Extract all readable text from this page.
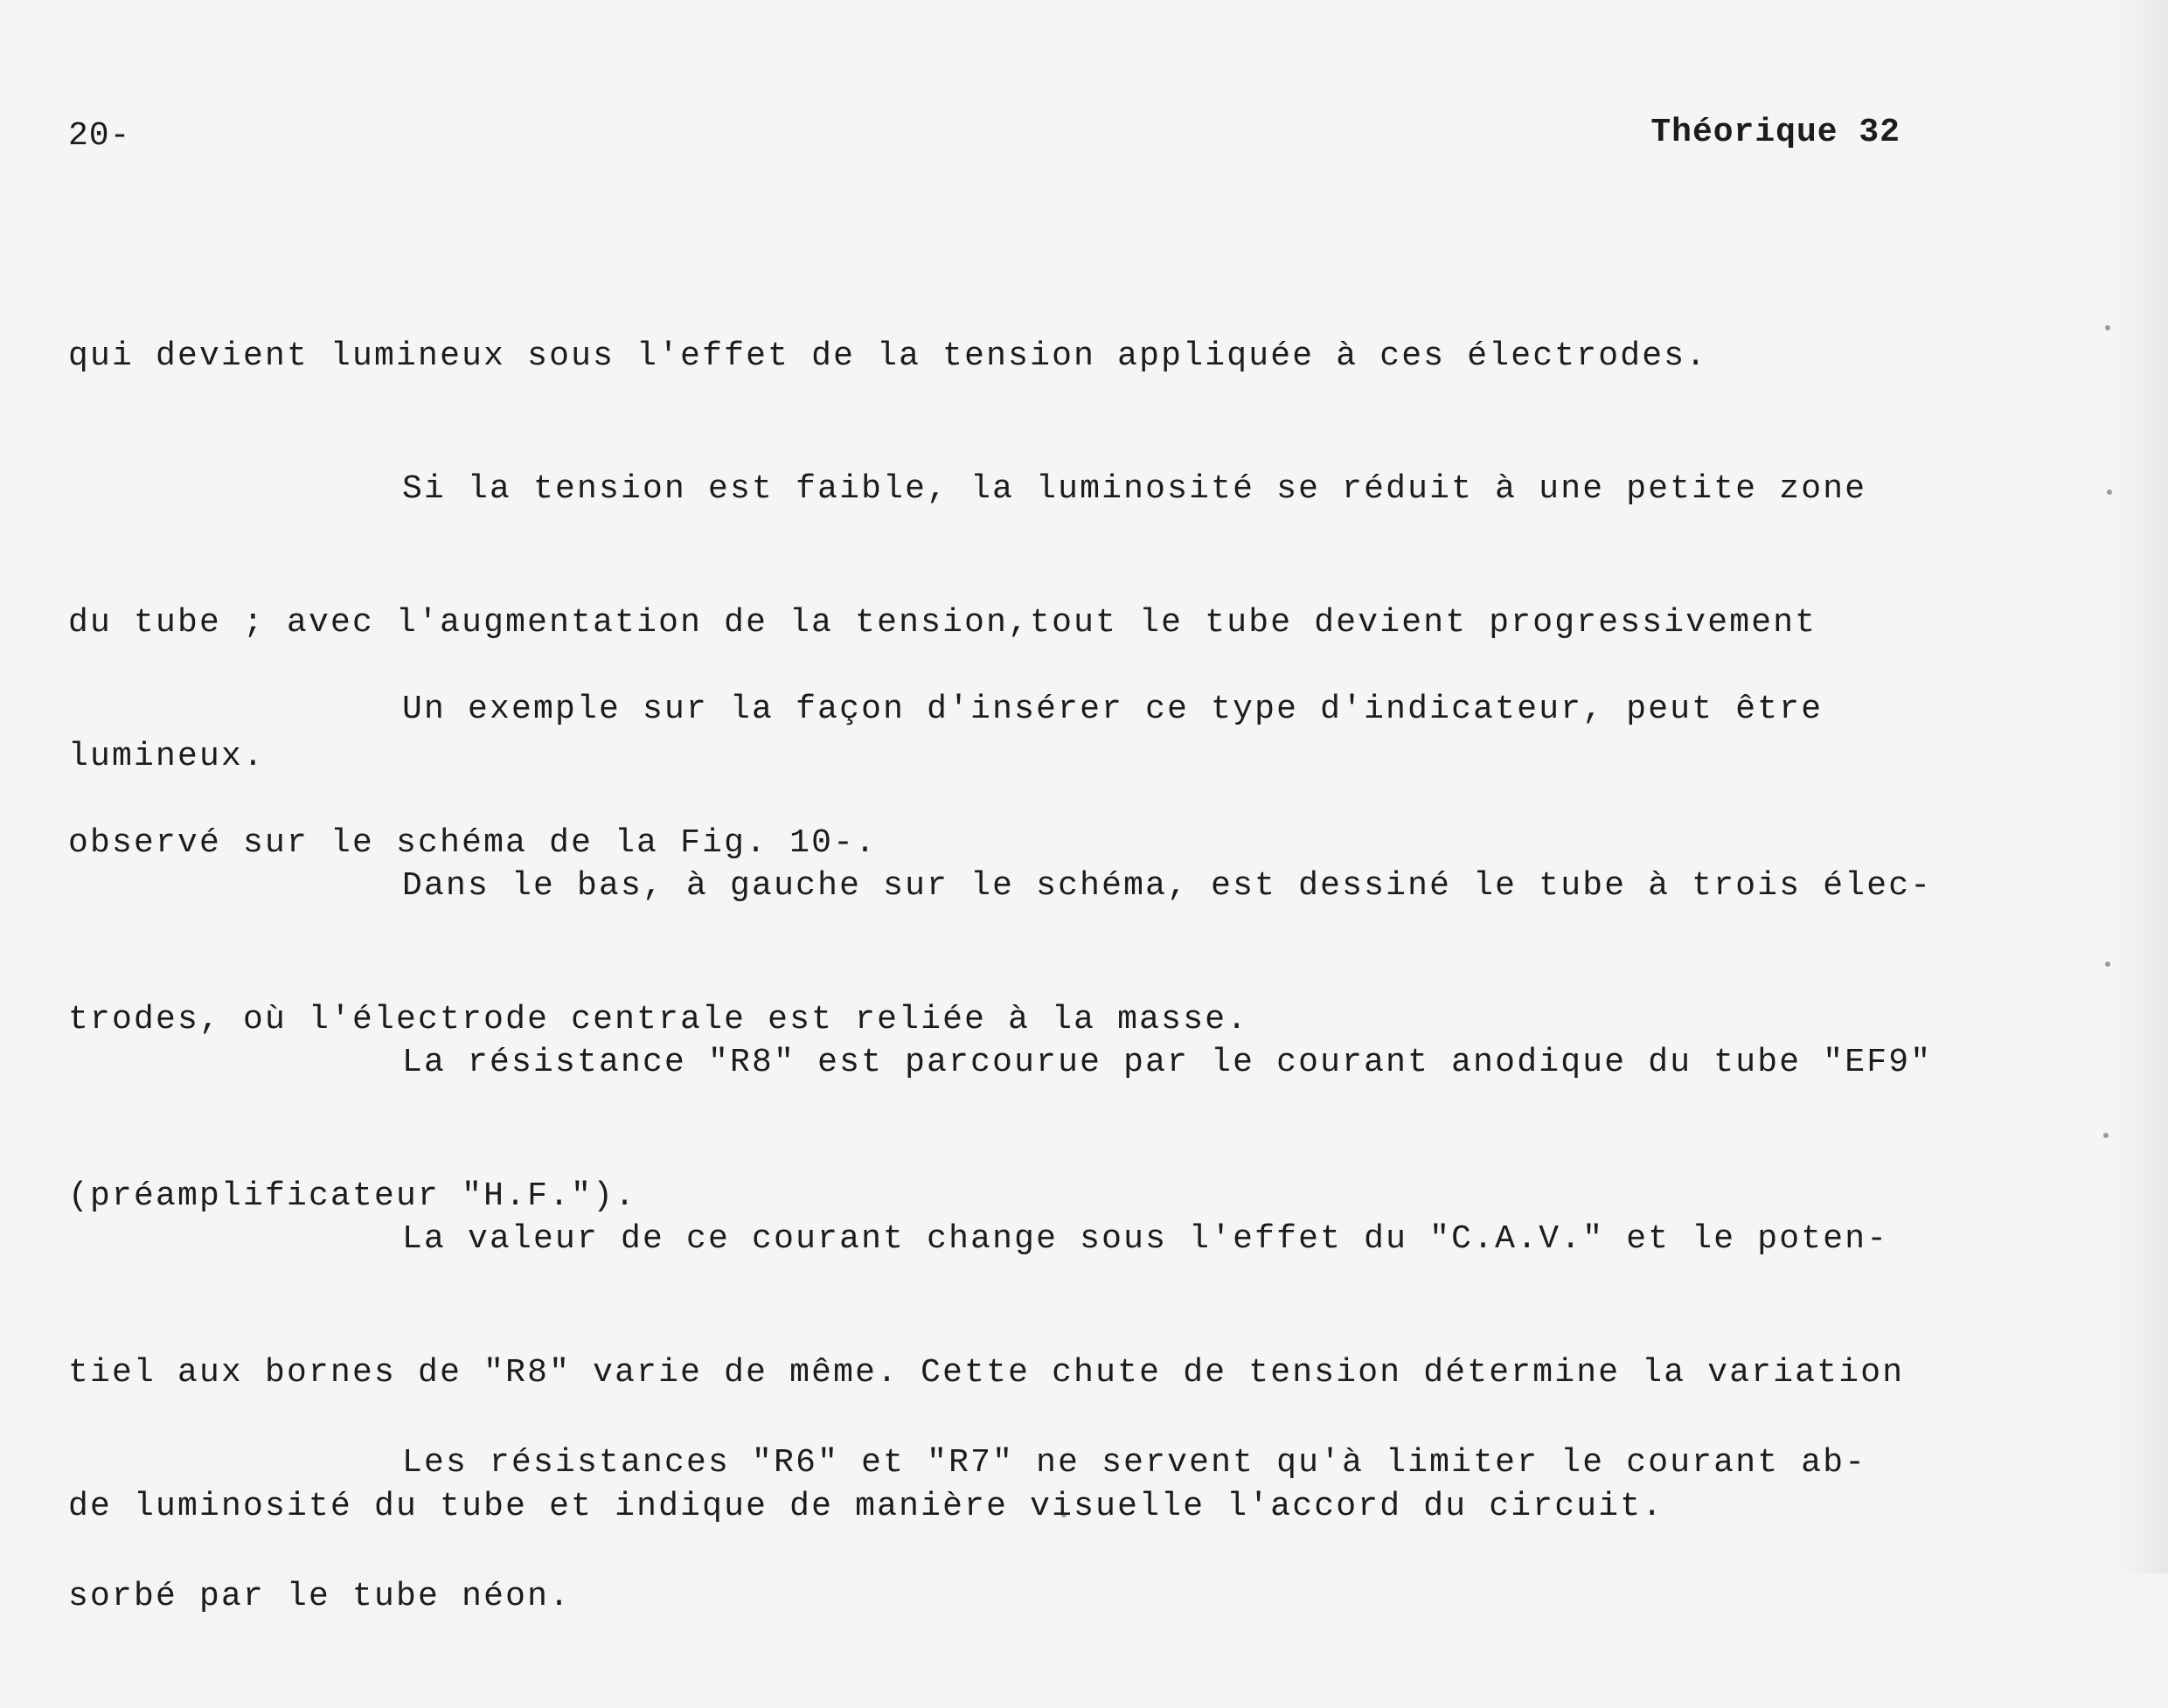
20-	Théorique 32

qui devient lumineux sous l'effet de la tension appliquée à ces électrodes.

Si la tension est faible, la luminosité se réduit à une petite zone

du tube ; avec l'augmentation de la tension,tout le tube devient progressivement

lumineux.

Un exemple sur la façon d'insérer ce type d'indicateur, peut être

observé sur le schéma de la Fig. 10-.

Dans le bas, à gauche sur le schéma, est dessiné le tube à trois élec-

trodes, où l'électrode centrale est reliée à la masse.

La résistance "R8" est parcourue par le courant anodique du tube "EF9"

(préamplificateur "H.F.").

La valeur de ce courant change sous l'effet du "C.A.V." et le poten-

tiel aux bornes de "R8" varie de même. Cette chute de tension détermine la variation

de luminosité du tube et indique de manière visuelle l'accord du circuit.

Les résistances "R6" et "R7" ne servent qu'à limiter le courant ab-

sorbé par le tube néon.
